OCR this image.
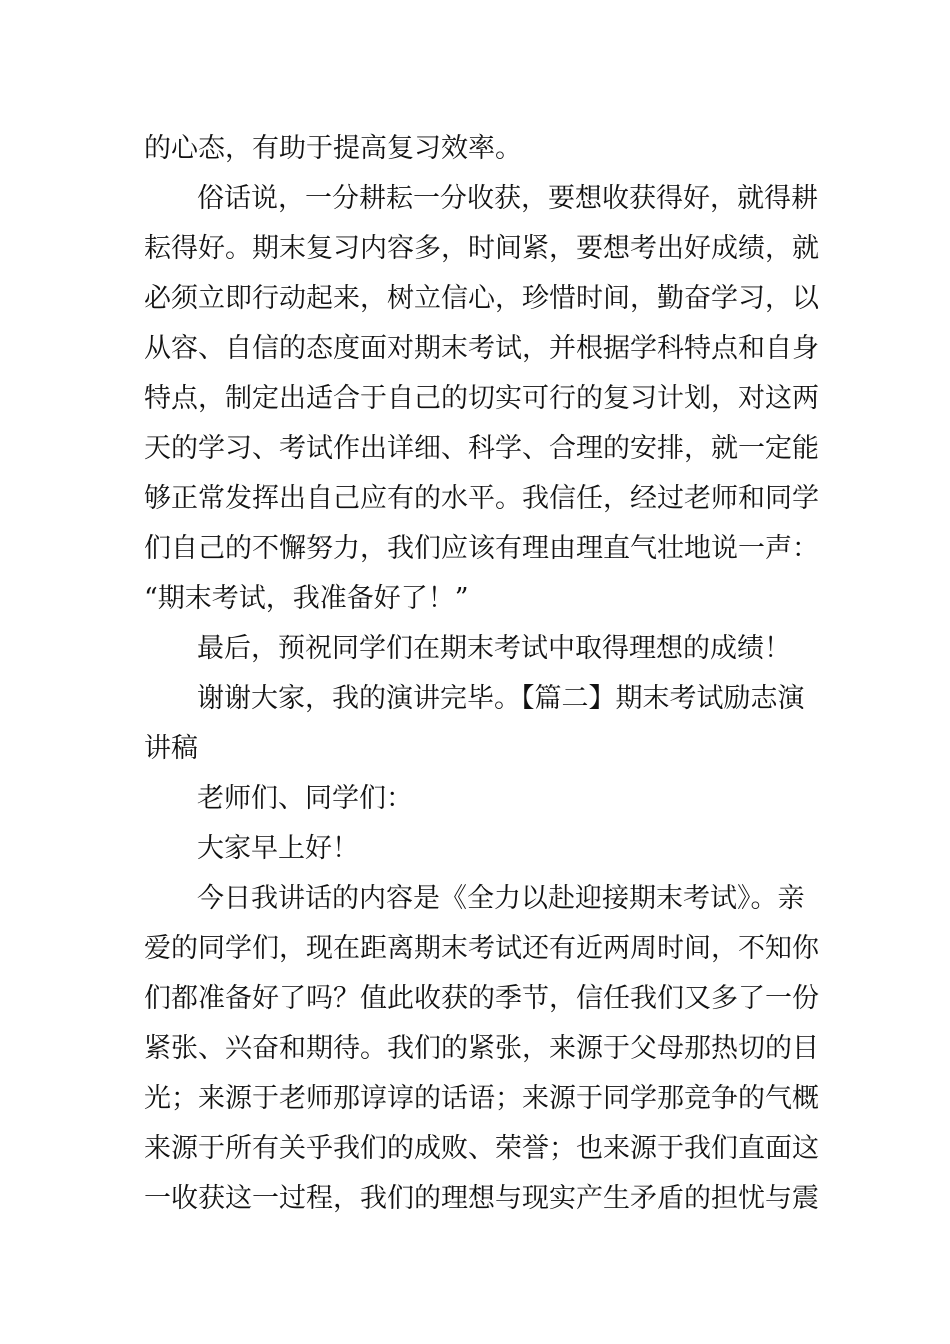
的心态，有助于提高复习效率。
俗话说，一分耕耘一分收获，要想收获得好，就得耕
耘得好。期末复习内容多，时间紧，要想考出好成绩，就
必须立即行动起来，树立信心，珍惜时间，勤奋学习，以
从容、自信的态度面对期末考试，并根据学科特点和自身
特点，制定出适合于自己的切实可行的复习计划，对这两
天的学习、考试作出详细、科学、合理的安排，就一定能
够正常发挥出自己应有的水平。我信任，经过老师和同学
们自己的不懈努力，我们应该有理由理直气壮地说一声：
“期末考试，我准备好了！”
最后，预祝同学们在期末考试中取得理想的成绩！
谢谢大家，我的演讲完毕。【篇二】期末考试励志演
讲稿
老师们、同学们：
大家早上好！
今日我讲话的内容是《全力以赴迎接期末考试》。亲
爱的同学们，现在距离期末考试还有近两周时间，不知你
们都准备好了吗？值此收获的季节，信任我们又多了一份
紧张、兴奋和期待。我们的紧张，来源于父母那热切的目
光；来源于老师那谆谆的话语；来源于同学那竞争的气概
来源于所有关乎我们的成败、荣誉；也来源于我们直面这
一收获这一过程，我们的理想与现实产生矛盾的担忧与震
